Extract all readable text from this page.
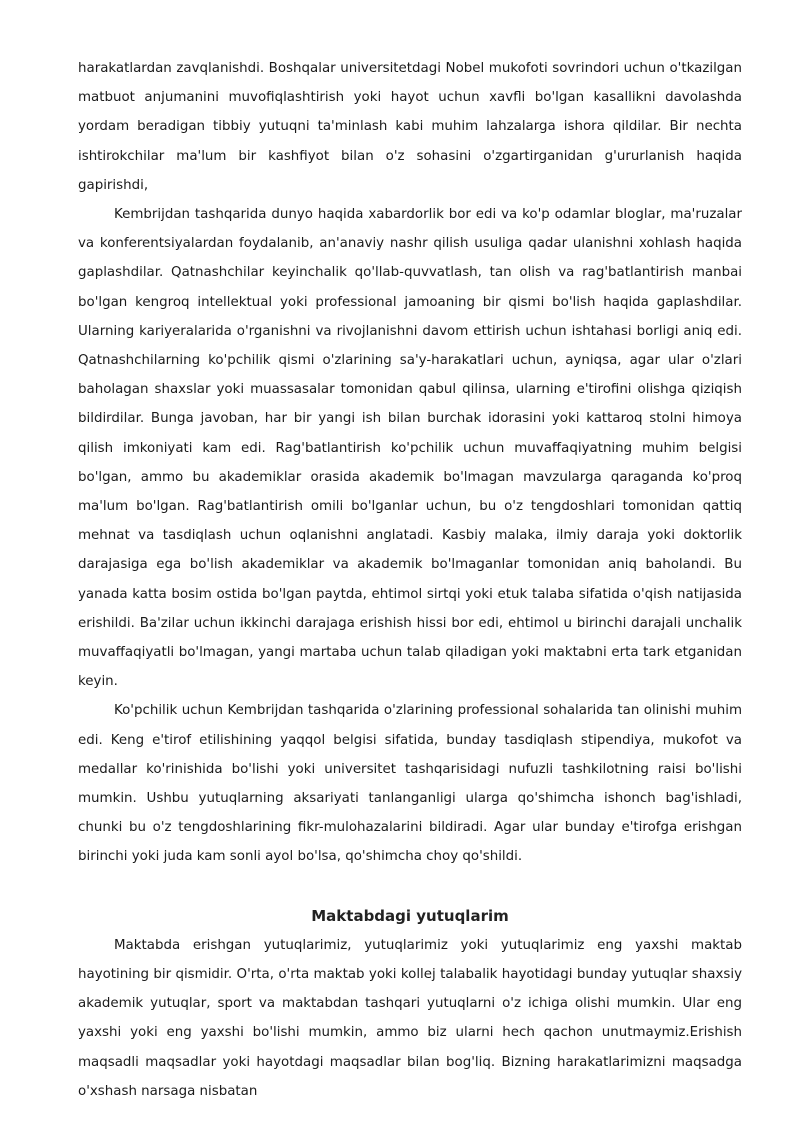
harakatlardan zavqlanishdi. Boshqalar universitetdagi Nobel mukofoti sovrindori uchun o'tkazilgan matbuot anjumanini muvofiqlashtirish yoki hayot uchun xavfli bo'lgan kasallikni davolashda yordam beradigan tibbiy yutuqni ta'minlash kabi muhim lahzalarga ishora qildilar. Bir nechta ishtirokchilar ma'lum bir kashfiyot bilan o'z sohasini o'zgartirganidan g'ururlanish haqida gapirishdi,

Kembrijdan tashqarida dunyo haqida xabardorlik bor edi va ko'p odamlar bloglar, ma'ruzalar va konferentsiyalardan foydalanib, an'anaviy nashr qilish usuliga qadar ulanishni xohlash haqida gaplashdilar. Qatnashchilar keyinchalik qo'llab-quvvatlash, tan olish va rag'batlantirish manbai bo'lgan kengroq intellektual yoki professional jamoaning bir qismi bo'lish haqida gaplashdilar. Ularning kariyeralarida o'rganishni va rivojlanishni davom ettirish uchun ishtahasi borligi aniq edi. Qatnashchilarning ko'pchilik qismi o'zlarining sa'y-harakatlari uchun, ayniqsa, agar ular o'zlari baholagan shaxslar yoki muassasalar tomonidan qabul qilinsa, ularning e'tirofini olishga qiziqish bildirdilar. Bunga javoban, har bir yangi ish bilan burchak idorasini yoki kattaroq stolni himoya qilish imkoniyati kam edi. Rag'batlantirish ko'pchilik uchun muvaffaqiyatning muhim belgisi bo'lgan, ammo bu akademiklar orasida akademik bo'lmagan mavzularga qaraganda ko'proq ma'lum bo'lgan. Rag'batlantirish omili bo'lganlar uchun, bu o'z tengdoshlari tomonidan qattiq mehnat va tasdiqlash uchun oqlanishni anglatadi. Kasbiy malaka, ilmiy daraja yoki doktorlik darajasiga ega bo'lish akademiklar va akademik bo'lmaganlar tomonidan aniq baholandi. Bu yanada katta bosim ostida bo'lgan paytda, ehtimol sirtqi yoki etuk talaba sifatida o'qish natijasida erishildi. Ba'zilar uchun ikkinchi darajaga erishish hissi bor edi, ehtimol u birinchi darajali unchalik muvaffaqiyatli bo'lmagan, yangi martaba uchun talab qiladigan yoki maktabni erta tark etganidan keyin.

Ko'pchilik uchun Kembrijdan tashqarida o'zlarining professional sohalarida tan olinishi muhim edi. Keng e'tirof etilishining yaqqol belgisi sifatida, bunday tasdiqlash stipendiya, mukofot va medallar ko'rinishida bo'lishi yoki universitet tashqarisidagi nufuzli tashkilotning raisi bo'lishi mumkin. Ushbu yutuqlarning aksariyati tanlanganligi ularga qo'shimcha ishonch bag'ishladi, chunki bu o'z tengdoshlarining fikr-mulohazalarini bildiradi. Agar ular bunday e'tirofga erishgan birinchi yoki juda kam sonli ayol bo'lsa, qo'shimcha choy qo'shildi.

Maktabdagi yutuqlarim

Maktabda erishgan yutuqlarimiz, yutuqlarimiz yoki yutuqlarimiz eng yaxshi maktab hayotining bir qismidir. O'rta, o'rta maktab yoki kollej talabalik hayotidagi bunday yutuqlar shaxsiy akademik yutuqlar, sport va maktabdan tashqari yutuqlarni o'z ichiga olishi mumkin. Ular eng yaxshi yoki eng yaxshi bo'lishi mumkin, ammo biz ularni hech qachon unutmaymiz.Erishish maqsadli maqsadlar yoki hayotdagi maqsadlar bilan bog'liq. Bizning harakatlarimizni maqsadga o'xshash narsaga nisbatan
